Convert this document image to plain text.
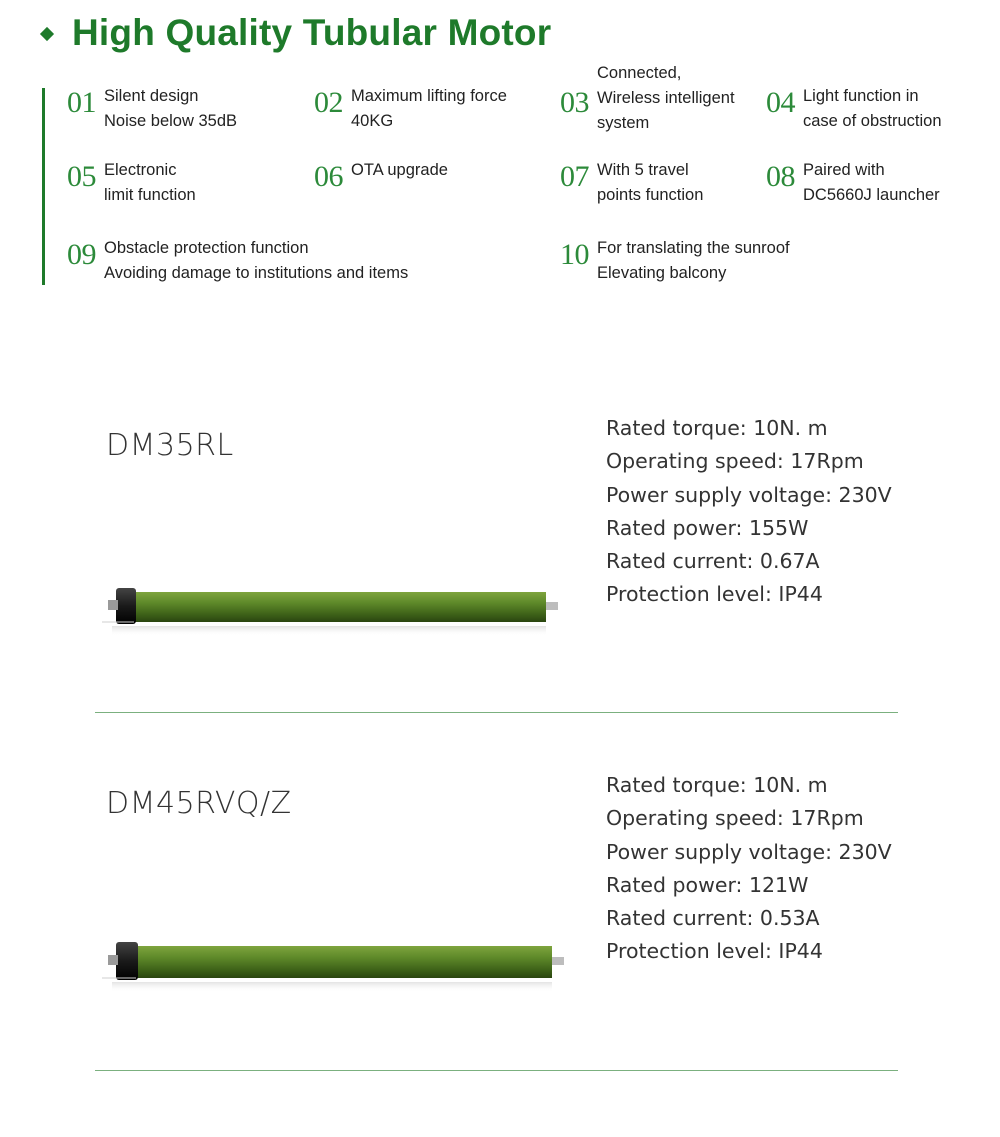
High Quality Tubular Motor
01 Silent design
Noise below 35dB
02 Maximum lifting force
40KG
03
Connected,
Wireless intelligent
system
04 Light function in
case of obstruction
05 Electronic
limit function
06 OTA upgrade	07 With 5 travel
points function
08 Paired with
DC5660J launcher
09 Obstacle protection function
Avoiding damage to institutions and items
10 For translating the sunroof
Elevating balcony
DM35RL	Rated torque: 10N. m
Operating speed: 17Rpm
Power supply voltage: 230V
Rated power: 155W
Rated current: 0.67A
Protection level: IP44
DM45RVQ/Z
Rated torque: 10N. m
Operating speed: 17Rpm
Power supply voltage: 230V
Rated power: 121W
Rated current: 0.53A
Protection level: IP44
